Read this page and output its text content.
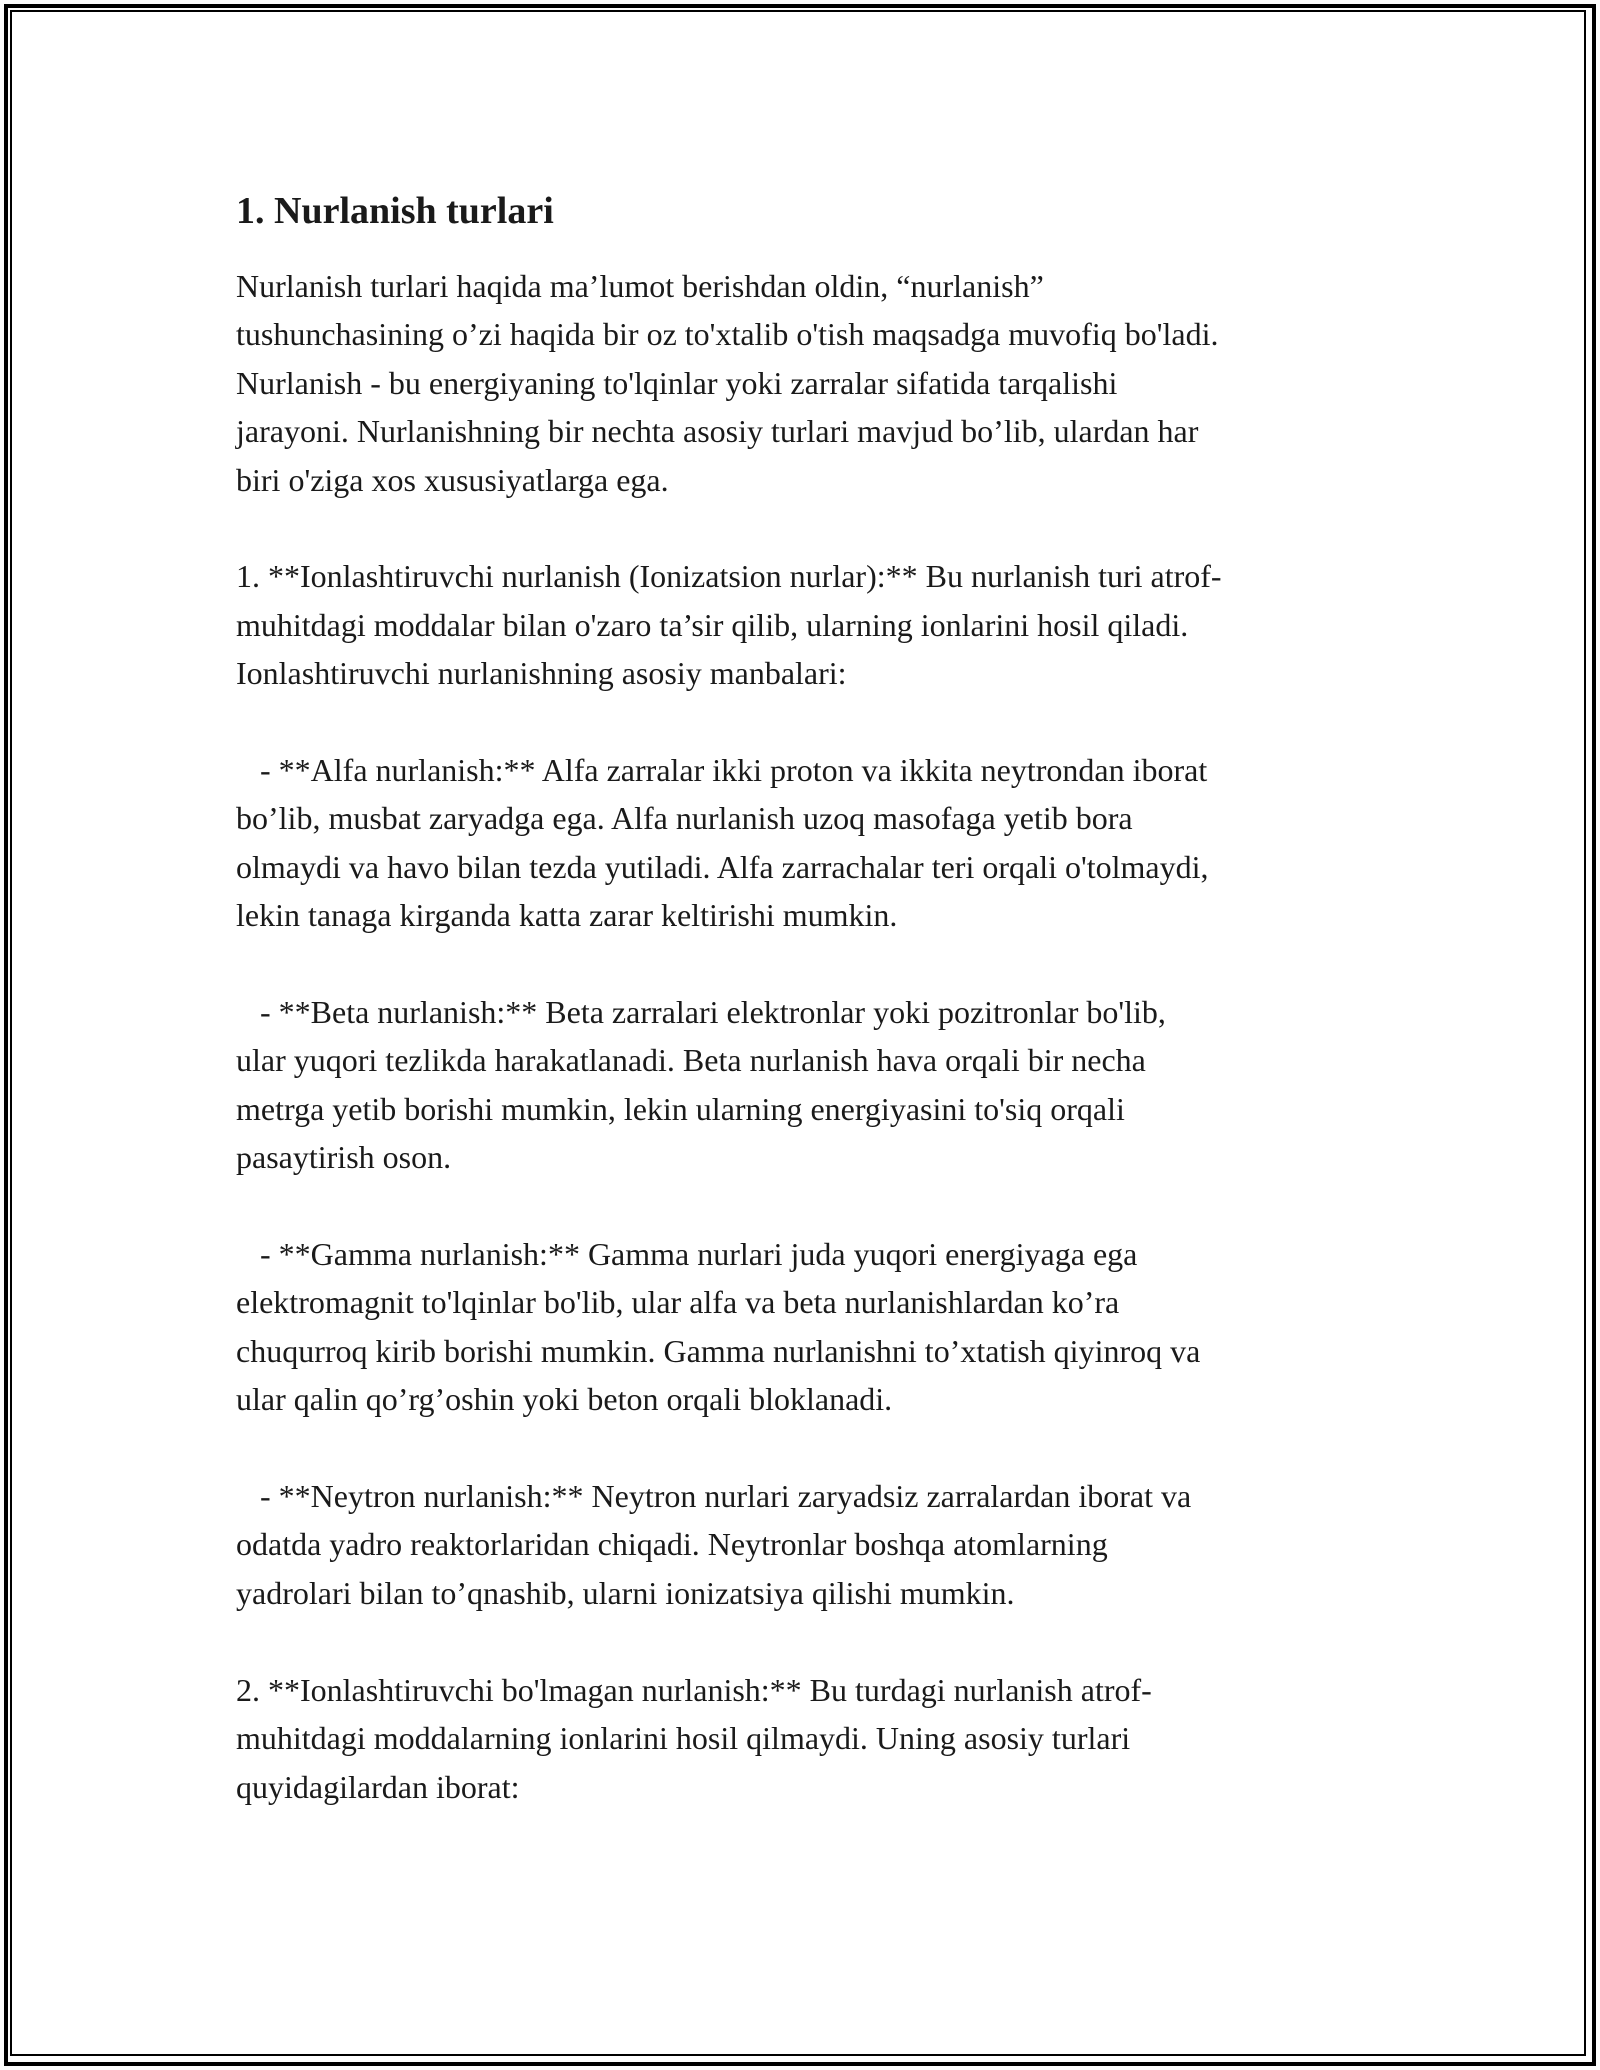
1. Nurlanish turlari

Nurlanish turlari haqida ma’lumot berishdan oldin, “nurlanish”
tushunchasining o’zi haqida bir oz to'xtalib o'tish maqsadga muvofiq bo'ladi.
Nurlanish - bu energiyaning to'lqinlar yoki zarralar sifatida tarqalishi
jarayoni. Nurlanishning bir nechta asosiy turlari mavjud bo’lib, ulardan har
biri o'ziga xos xususiyatlarga ega.

1. **Ionlashtiruvchi nurlanish (Ionizatsion nurlar):** Bu nurlanish turi atrof-
muhitdagi moddalar bilan o'zaro ta’sir qilib, ularning ionlarini hosil qiladi.
Ionlashtiruvchi nurlanishning asosiy manbalari:

- **Alfa nurlanish:** Alfa zarralar ikki proton va ikkita neytrondan iborat
bo’lib, musbat zaryadga ega. Alfa nurlanish uzoq masofaga yetib bora
olmaydi va havo bilan tezda yutiladi. Alfa zarrachalar teri orqali o'tolmaydi,
lekin tanaga kirganda katta zarar keltirishi mumkin.

- **Beta nurlanish:** Beta zarralari elektronlar yoki pozitronlar bo'lib,
ular yuqori tezlikda harakatlanadi. Beta nurlanish hava orqali bir necha
metrga yetib borishi mumkin, lekin ularning energiyasini to'siq orqali
pasaytirish oson.

- **Gamma nurlanish:** Gamma nurlari juda yuqori energiyaga ega
elektromagnit to'lqinlar bo'lib, ular alfa va beta nurlanishlardan ko’ra
chuqurroq kirib borishi mumkin. Gamma nurlanishni to’xtatish qiyinroq va
ular qalin qo’rg’oshin yoki beton orqali bloklanadi.

- **Neytron nurlanish:** Neytron nurlari zaryadsiz zarralardan iborat va
odatda yadro reaktorlaridan chiqadi. Neytronlar boshqa atomlarning
yadrolari bilan to’qnashib, ularni ionizatsiya qilishi mumkin.

2. **Ionlashtiruvchi bo'lmagan nurlanish:** Bu turdagi nurlanish atrof-
muhitdagi moddalarning ionlarini hosil qilmaydi. Uning asosiy turlari
quyidagilardan iborat:
